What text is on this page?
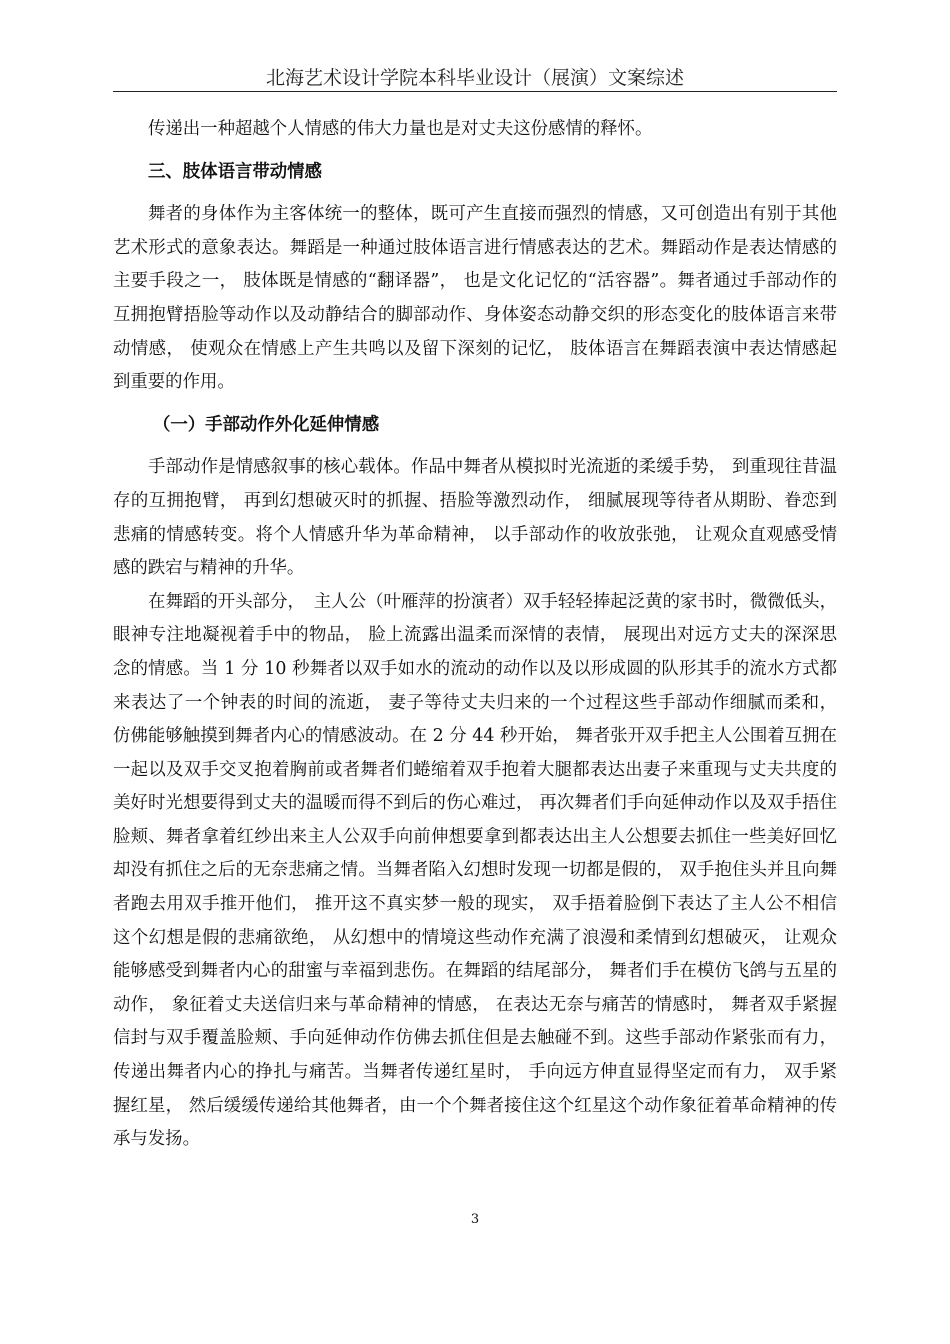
北海艺术设计学院本科毕业设计（展演）文案综述

传递出一种超越个人情感的伟大力量也是对丈夫这份感情的释怀。

三、肢体语言带动情感

舞者的身体作为主客体统一的整体，既可产生直接而强烈的情感，又可创造出有别于其他艺术形式的意象表达。舞蹈是一种通过肢体语言进行情感表达的艺术。舞蹈动作是表达情感的主要手段之一， 肢体既是情感的“翻译器”， 也是文化记忆的“活容器”。舞者通过手部动作的互拥抱臂捂脸等动作以及动静结合的脚部动作、身体姿态动静交织的形态变化的肢体语言来带动情感， 使观众在情感上产生共鸣以及留下深刻的记忆， 肢体语言在舞蹈表演中表达情感起到重要的作用。

（一）手部动作外化延伸情感

手部动作是情感叙事的核心载体。作品中舞者从模拟时光流逝的柔缓手势， 到重现往昔温存的互拥抱臂， 再到幻想破灭时的抓握、捂脸等激烈动作， 细腻展现等待者从期盼、眷恋到悲痛的情感转变。将个人情感升华为革命精神， 以手部动作的收放张弛， 让观众直观感受情感的跌宕与精神的升华。

在舞蹈的开头部分，　主人公（叶雁萍的扮演者）双手轻轻捧起泛黄的家书时，微微低头， 眼神专注地凝视着手中的物品， 脸上流露出温柔而深情的表情， 展现出对远方丈夫的深深思念的情感。当 1 分 10 秒舞者以双手如水的流动的动作以及以形成圆的队形其手的流水方式都来表达了一个钟表的时间的流逝， 妻子等待丈夫归来的一个过程这些手部动作细腻而柔和， 仿佛能够触摸到舞者内心的情感波动。在 2 分 44 秒开始， 舞者张开双手把主人公围着互拥在一起以及双手交叉抱着胸前或者舞者们蜷缩着双手抱着大腿都表达出妻子来重现与丈夫共度的美好时光想要得到丈夫的温暖而得不到后的伤心难过， 再次舞者们手向延伸动作以及双手捂住脸颊、舞者拿着红纱出来主人公双手向前伸想要拿到都表达出主人公想要去抓住一些美好回忆却没有抓住之后的无奈悲痛之情。当舞者陷入幻想时发现一切都是假的， 双手抱住头并且向舞者跑去用双手推开他们， 推开这不真实梦一般的现实， 双手捂着脸倒下表达了主人公不相信这个幻想是假的悲痛欲绝， 从幻想中的情境这些动作充满了浪漫和柔情到幻想破灭， 让观众能够感受到舞者内心的甜蜜与幸福到悲伤。在舞蹈的结尾部分， 舞者们手在模仿飞鸽与五星的动作， 象征着丈夫送信归来与革命精神的情感， 在表达无奈与痛苦的情感时， 舞者双手紧握信封与双手覆盖脸颊、手向延伸动作仿佛去抓住但是去触碰不到。这些手部动作紧张而有力， 传递出舞者内心的挣扎与痛苦。当舞者传递红星时， 手向远方伸直显得坚定而有力， 双手紧握红星， 然后缓缓传递给其他舞者，由一个个舞者接住这个红星这个动作象征着革命精神的传承与发扬。

3
